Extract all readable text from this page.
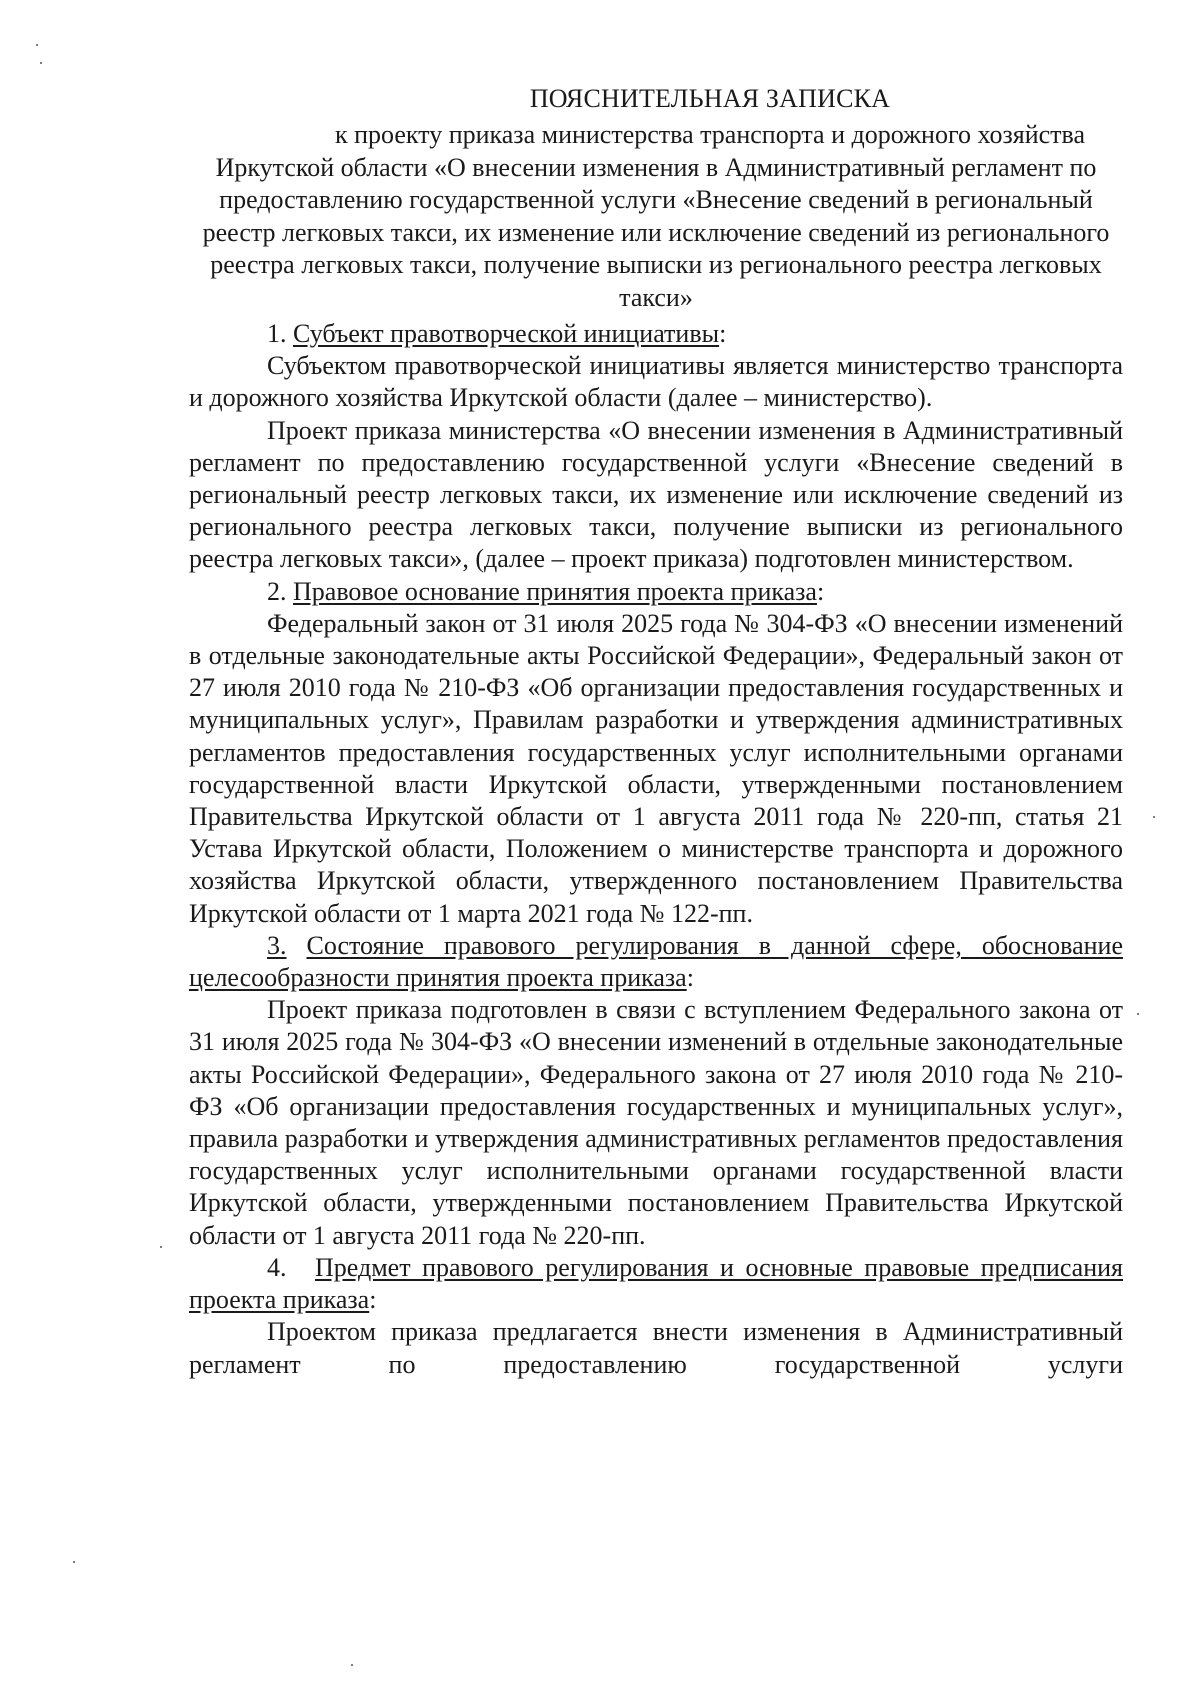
ПОЯСНИТЕЛЬНАЯ ЗАПИСКА

к проекту приказа министерства транспорта и дорожного хозяйства
Иркутской области «О внесении изменения в Административный регламент по предоставлению государственной услуги «Внесение сведений в региональный реестр легковых такси, их изменение или исключение сведений из регионального реестра легковых такси, получение выписки из регионального реестра легковых такси»

1. Субъект правотворческой инициативы:

Субъектом правотворческой инициативы является министерство транспорта и дорожного хозяйства Иркутской области (далее – министерство).

Проект приказа министерства «О внесении изменения в Административный регламент по предоставлению государственной услуги «Внесение сведений в региональный реестр легковых такси, их изменение или исключение сведений из регионального реестра легковых такси, получение выписки из регионального реестра легковых такси», (далее – проект приказа) подготовлен министерством.

2. Правовое основание принятия проекта приказа:

Федеральный закон от 31 июля 2025 года № 304-ФЗ «О внесении изменений в отдельные законодательные акты Российской Федерации», Федеральный закон от 27 июля 2010 года № 210-ФЗ «Об организации предоставления государственных и муниципальных услуг», Правилам разработки и утверждения административных регламентов предоставления государственных услуг исполнительными органами государственной власти Иркутской области, утвержденными постановлением Правительства Иркутской области от 1 августа 2011 года № 220-пп, статья 21 Устава Иркутской области, Положением о министерстве транспорта и дорожного хозяйства Иркутской области, утвержденного постановлением Правительства Иркутской области от 1 марта 2021 года № 122-пп.

3. Состояние правового регулирования в данной сфере, обоснование целесообразности принятия проекта приказа:

Проект приказа подготовлен в связи с вступлением Федерального закона от 31 июля 2025 года № 304-ФЗ «О внесении изменений в отдельные законодательные акты Российской Федерации», Федерального закона от 27 июля 2010 года № 210-ФЗ «Об организации предоставления государственных и муниципальных услуг», правила разработки и утверждения административных регламентов предоставления государственных услуг исполнительными органами государственной власти Иркутской области, утвержденными постановлением Правительства Иркутской области от 1 августа 2011 года № 220-пп.

4. Предмет правового регулирования и основные правовые предписания проекта приказа:

Проектом приказа предлагается внести изменения в Административный регламент по предоставлению государственной услуги
